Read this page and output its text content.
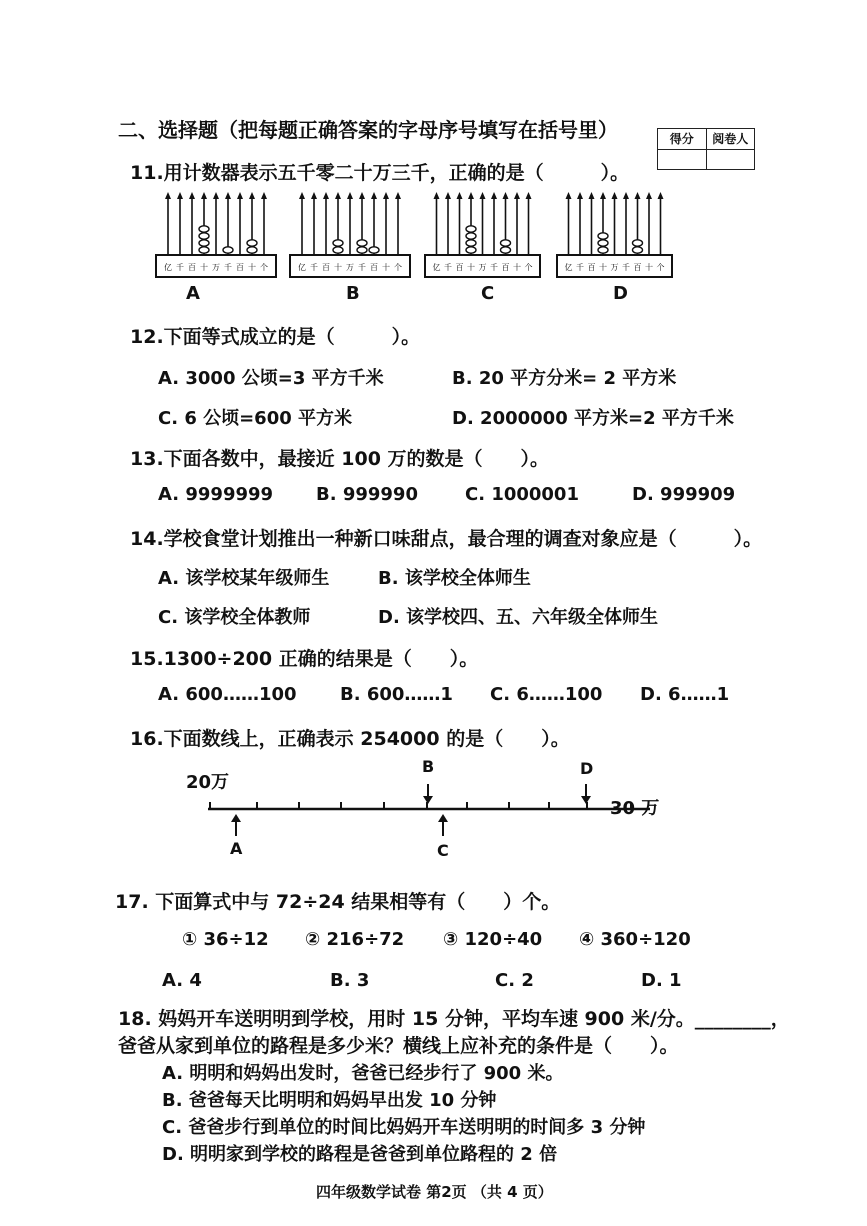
二、选择题（把每题正确答案的字母序号填写在括号里）	得分	阅卷人

11.用计数器表示五千零二十万三千，正确的是（　　　）。
亿 千 百 十 万 千 百 十 个	亿 千 百 十 万 千 百 十 个	亿 千 百 十 万 千 百 十 个	亿 千 百 十 万 千 百 十 个
A	B	C	D
12.下面等式成立的是（　　　）。
A. 3000 公顷=3 平方千米	B. 20 平方分米= 2 平方米
C. 6 公顷=600 平方米	D. 2000000 平方米=2 平方千米
13.下面各数中，最接近 100 万的数是（　　）。
A. 9999999 B. 999990	C. 1000001	D. 999909
14.学校食堂计划推出一种新口味甜点，最合理的调查对象应是（　　　）。
A. 该学校某年级师生	B. 该学校全体师生
C. 该学校全体教师	D. 该学校四、五、六年级全体师生
15.1300÷200 正确的结果是（　　）。
A. 600……100 B. 600……1 C. 6……100 D. 6……1
16.下面数线上，正确表示 254000 的是（　　）。
20万
30 万
B	D
A	C
17. 下面算式中与 72÷24 结果相等有（　　）个。
① 36÷12 ② 216÷72 ③ 120÷40 ④ 360÷120
A. 4	B. 3	C. 2	D. 1
18. 妈妈开车送明明到学校，用时 15 分钟，平均车速 900 米/分。________，
爸爸从家到单位的路程是多少米？横线上应补充的条件是（　　）。
A. 明明和妈妈出发时，爸爸已经步行了 900 米。
B. 爸爸每天比明明和妈妈早出发 10 分钟
C. 爸爸步行到单位的时间比妈妈开车送明明的时间多 3 分钟
D. 明明家到学校的路程是爸爸到单位路程的 2 倍
四年级数学试卷 第2页 （共 4 页）
